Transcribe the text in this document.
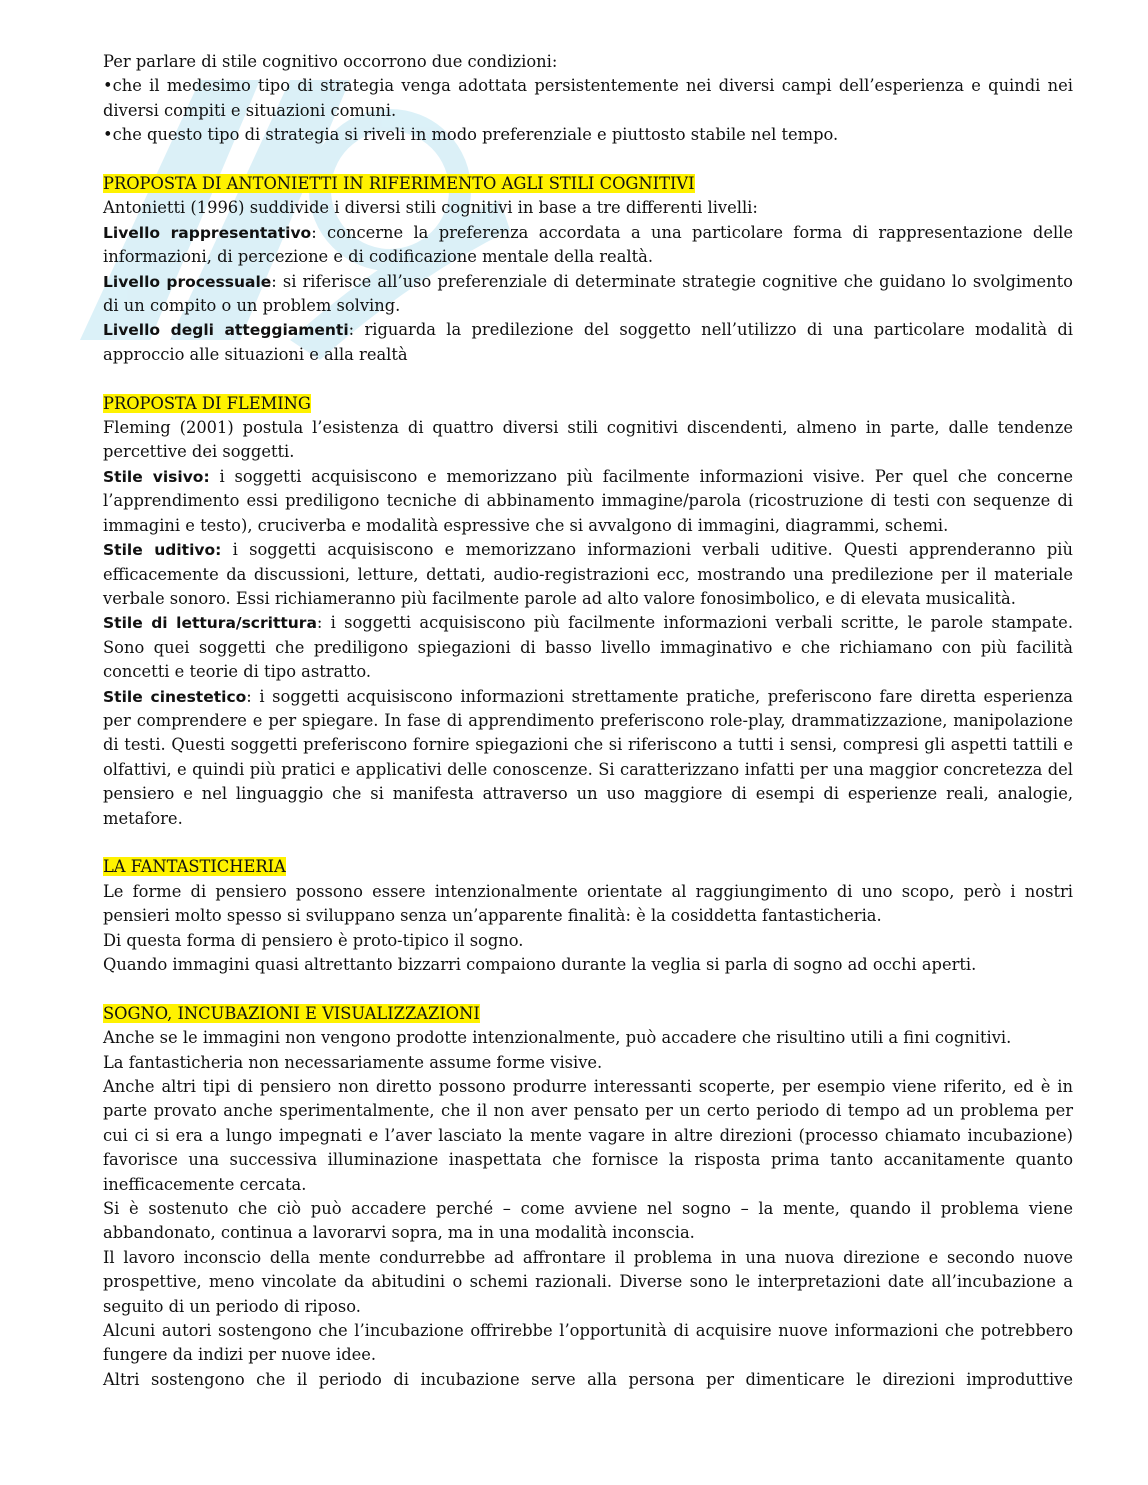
Per parlare di stile cognitivo occorrono due condizioni:

•che il medesimo tipo di strategia venga adottata persistentemente nei diversi campi dell’esperienza e quindi nei diversi compiti e situazioni comuni.

•che questo tipo di strategia si riveli in modo preferenziale e piuttosto stabile nel tempo.

PROPOSTA DI ANTONIETTI IN RIFERIMENTO AGLI STILI COGNITIVI

Antonietti (1996) suddivide i diversi stili cognitivi in base a tre differenti livelli:

Livello rappresentativo: concerne la preferenza accordata a una particolare forma di rappresentazione delle informazioni, di percezione e di codificazione mentale della realtà.

Livello processuale: si riferisce all’uso preferenziale di determinate strategie cognitive che guidano lo svolgimento di un compito o un problem solving.

Livello degli atteggiamenti: riguarda la predilezione del soggetto nell’utilizzo di una particolare modalità di approccio alle situazioni e alla realtà

PROPOSTA DI FLEMING

Fleming (2001) postula l’esistenza di quattro diversi stili cognitivi discendenti, almeno in parte, dalle tendenze percettive dei soggetti.

Stile visivo: i soggetti acquisiscono e memorizzano più facilmente informazioni visive. Per quel che concerne l’apprendimento essi prediligono tecniche di abbinamento immagine/parola (ricostruzione di testi con sequenze di immagini e testo), cruciverba e modalità espressive che si avvalgono di immagini, diagrammi, schemi.

Stile uditivo: i soggetti acquisiscono e memorizzano informazioni verbali uditive. Questi apprenderanno più efficacemente da discussioni, letture, dettati, audio-registrazioni ecc, mostrando una predilezione per il materiale verbale sonoro. Essi richiameranno più facilmente parole ad alto valore fonosimbolico, e di elevata musicalità.

Stile di lettura/scrittura: i soggetti acquisiscono più facilmente informazioni verbali scritte, le parole stampate. Sono quei soggetti che prediligono spiegazioni di basso livello immaginativo e che richiamano con più facilità concetti e teorie di tipo astratto.

Stile cinestetico: i soggetti acquisiscono informazioni strettamente pratiche, preferiscono fare diretta esperienza per comprendere e per spiegare. In fase di apprendimento preferiscono role-play, drammatizzazione, manipolazione di testi. Questi soggetti preferiscono fornire spiegazioni che si riferiscono a tutti i sensi, compresi gli aspetti tattili e olfattivi, e quindi più pratici e applicativi delle conoscenze. Si caratterizzano infatti per una maggior concretezza del pensiero e nel linguaggio che si manifesta attraverso un uso maggiore di esempi di esperienze reali, analogie, metafore.

LA FANTASTICHERIA

Le forme di pensiero possono essere intenzionalmente orientate al raggiungimento di uno scopo, però i nostri pensieri molto spesso si sviluppano senza un’apparente finalità: è la cosiddetta fantasticheria.

Di questa forma di pensiero è proto-tipico il sogno.

Quando immagini quasi altrettanto bizzarri compaiono durante la veglia si parla di sogno ad occhi aperti.

SOGNO, INCUBAZIONI E VISUALIZZAZIONI

Anche se le immagini non vengono prodotte intenzionalmente, può accadere che risultino utili a fini cognitivi.

La fantasticheria non necessariamente assume forme visive.

Anche altri tipi di pensiero non diretto possono produrre interessanti scoperte, per esempio viene riferito, ed è in parte provato anche sperimentalmente, che il non aver pensato per un certo periodo di tempo ad un problema per cui ci si era a lungo impegnati e l’aver lasciato la mente vagare in altre direzioni (processo chiamato incubazione) favorisce una successiva illuminazione inaspettata che fornisce la risposta prima tanto accanitamente quanto inefficacemente cercata.

Si è sostenuto che ciò può accadere perché – come avviene nel sogno – la mente, quando il problema viene abbandonato, continua a lavorarvi sopra, ma in una modalità inconscia.

Il lavoro inconscio della mente condurrebbe ad affrontare il problema in una nuova direzione e secondo nuove prospettive, meno vincolate da abitudini o schemi razionali. Diverse sono le interpretazioni date all’incubazione a seguito di un periodo di riposo.

Alcuni autori sostengono che l’incubazione offrirebbe l’opportunità di acquisire nuove informazioni che potrebbero fungere da indizi per nuove idee.

Altri sostengono che il periodo di incubazione serve alla persona per dimenticare le direzioni improduttive
